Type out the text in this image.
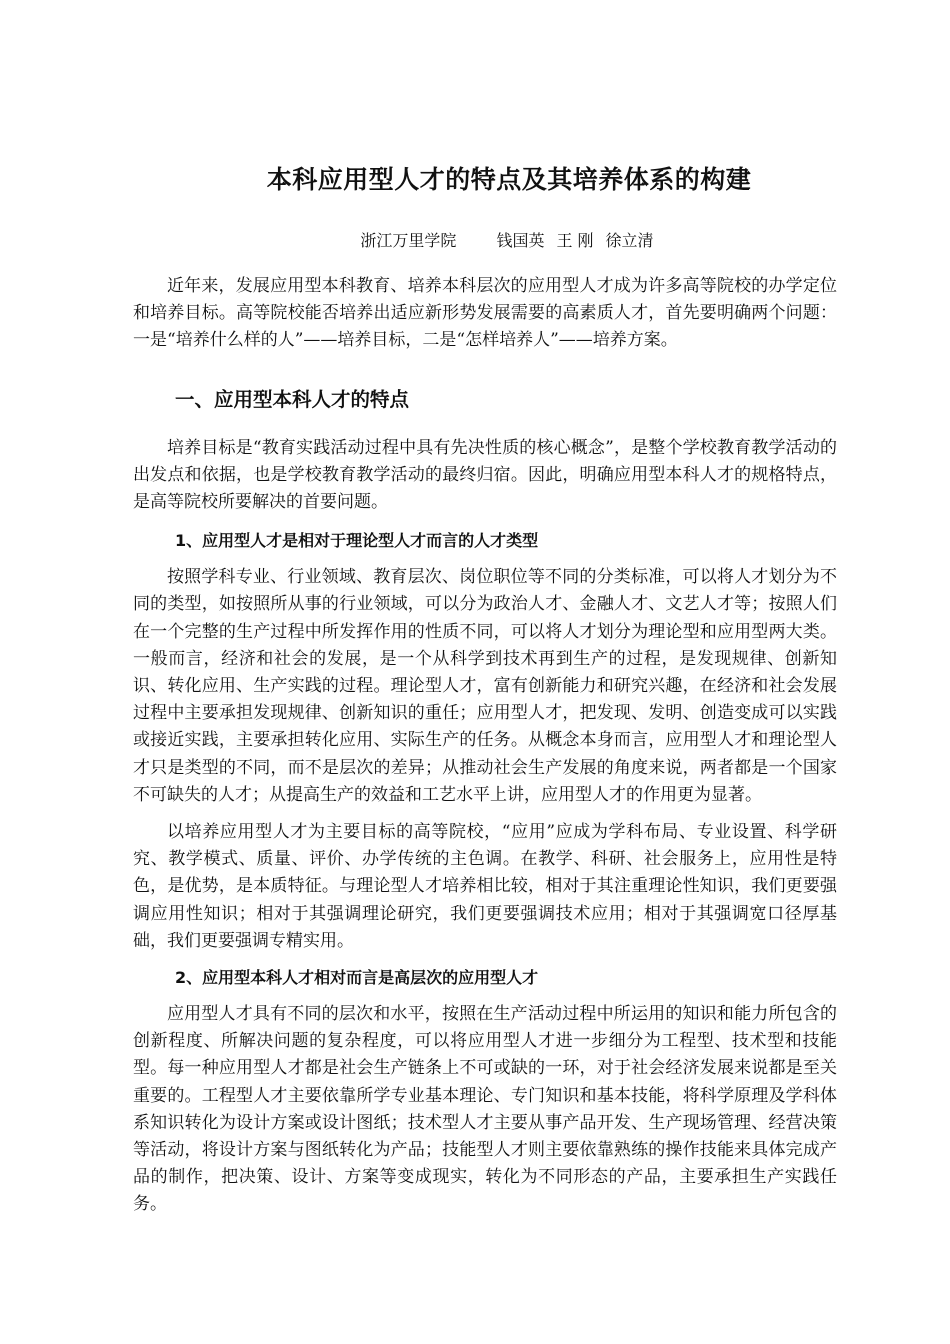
本科应用型人才的特点及其培养体系的构建
浙江万里学院	钱国英 王 刚 徐立清

近年来，发展应用型本科教育、培养本科层次的应用型人才成为许多高等院校的办学定位和培养目标。高等院校能否培养出适应新形势发展需要的高素质人才，首先要明确两个问题：一是“培养什么样的人”——培养目标，二是“怎样培养人”——培养方案。

一、应用型本科人才的特点

培养目标是“教育实践活动过程中具有先决性质的核心概念”，是整个学校教育教学活动的出发点和依据，也是学校教育教学活动的最终归宿。因此，明确应用型本科人才的规格特点，是高等院校所要解决的首要问题。

1、应用型人才是相对于理论型人才而言的人才类型

按照学科专业、行业领域、教育层次、岗位职位等不同的分类标准，可以将人才划分为不同的类型，如按照所从事的行业领域，可以分为政治人才、金融人才、文艺人才等；按照人们在一个完整的生产过程中所发挥作用的性质不同，可以将人才划分为理论型和应用型两大类。一般而言，经济和社会的发展，是一个从科学到技术再到生产的过程，是发现规律、创新知识、转化应用、生产实践的过程。理论型人才，富有创新能力和研究兴趣，在经济和社会发展过程中主要承担发现规律、创新知识的重任；应用型人才，把发现、发明、创造变成可以实践或接近实践，主要承担转化应用、实际生产的任务。从概念本身而言，应用型人才和理论型人才只是类型的不同，而不是层次的差异；从推动社会生产发展的角度来说，两者都是一个国家不可缺失的人才；从提高生产的效益和工艺水平上讲，应用型人才的作用更为显著。

以培养应用型人才为主要目标的高等院校，“应用”应成为学科布局、专业设置、科学研究、教学模式、质量、评价、办学传统的主色调。在教学、科研、社会服务上，应用性是特色，是优势，是本质特征。与理论型人才培养相比较，相对于其注重理论性知识，我们更要强调应用性知识；相对于其强调理论研究，我们更要强调技术应用；相对于其强调宽口径厚基础，我们更要强调专精实用。

2、应用型本科人才相对而言是高层次的应用型人才

应用型人才具有不同的层次和水平，按照在生产活动过程中所运用的知识和能力所包含的创新程度、所解决问题的复杂程度，可以将应用型人才进一步细分为工程型、技术型和技能型。每一种应用型人才都是社会生产链条上不可或缺的一环，对于社会经济发展来说都是至关重要的。工程型人才主要依靠所学专业基本理论、专门知识和基本技能，将科学原理及学科体系知识转化为设计方案或设计图纸；技术型人才主要从事产品开发、生产现场管理、经营决策等活动，将设计方案与图纸转化为产品；技能型人才则主要依靠熟练的操作技能来具体完成产品的制作，把决策、设计、方案等变成现实，转化为不同形态的产品，主要承担生产实践任务。
